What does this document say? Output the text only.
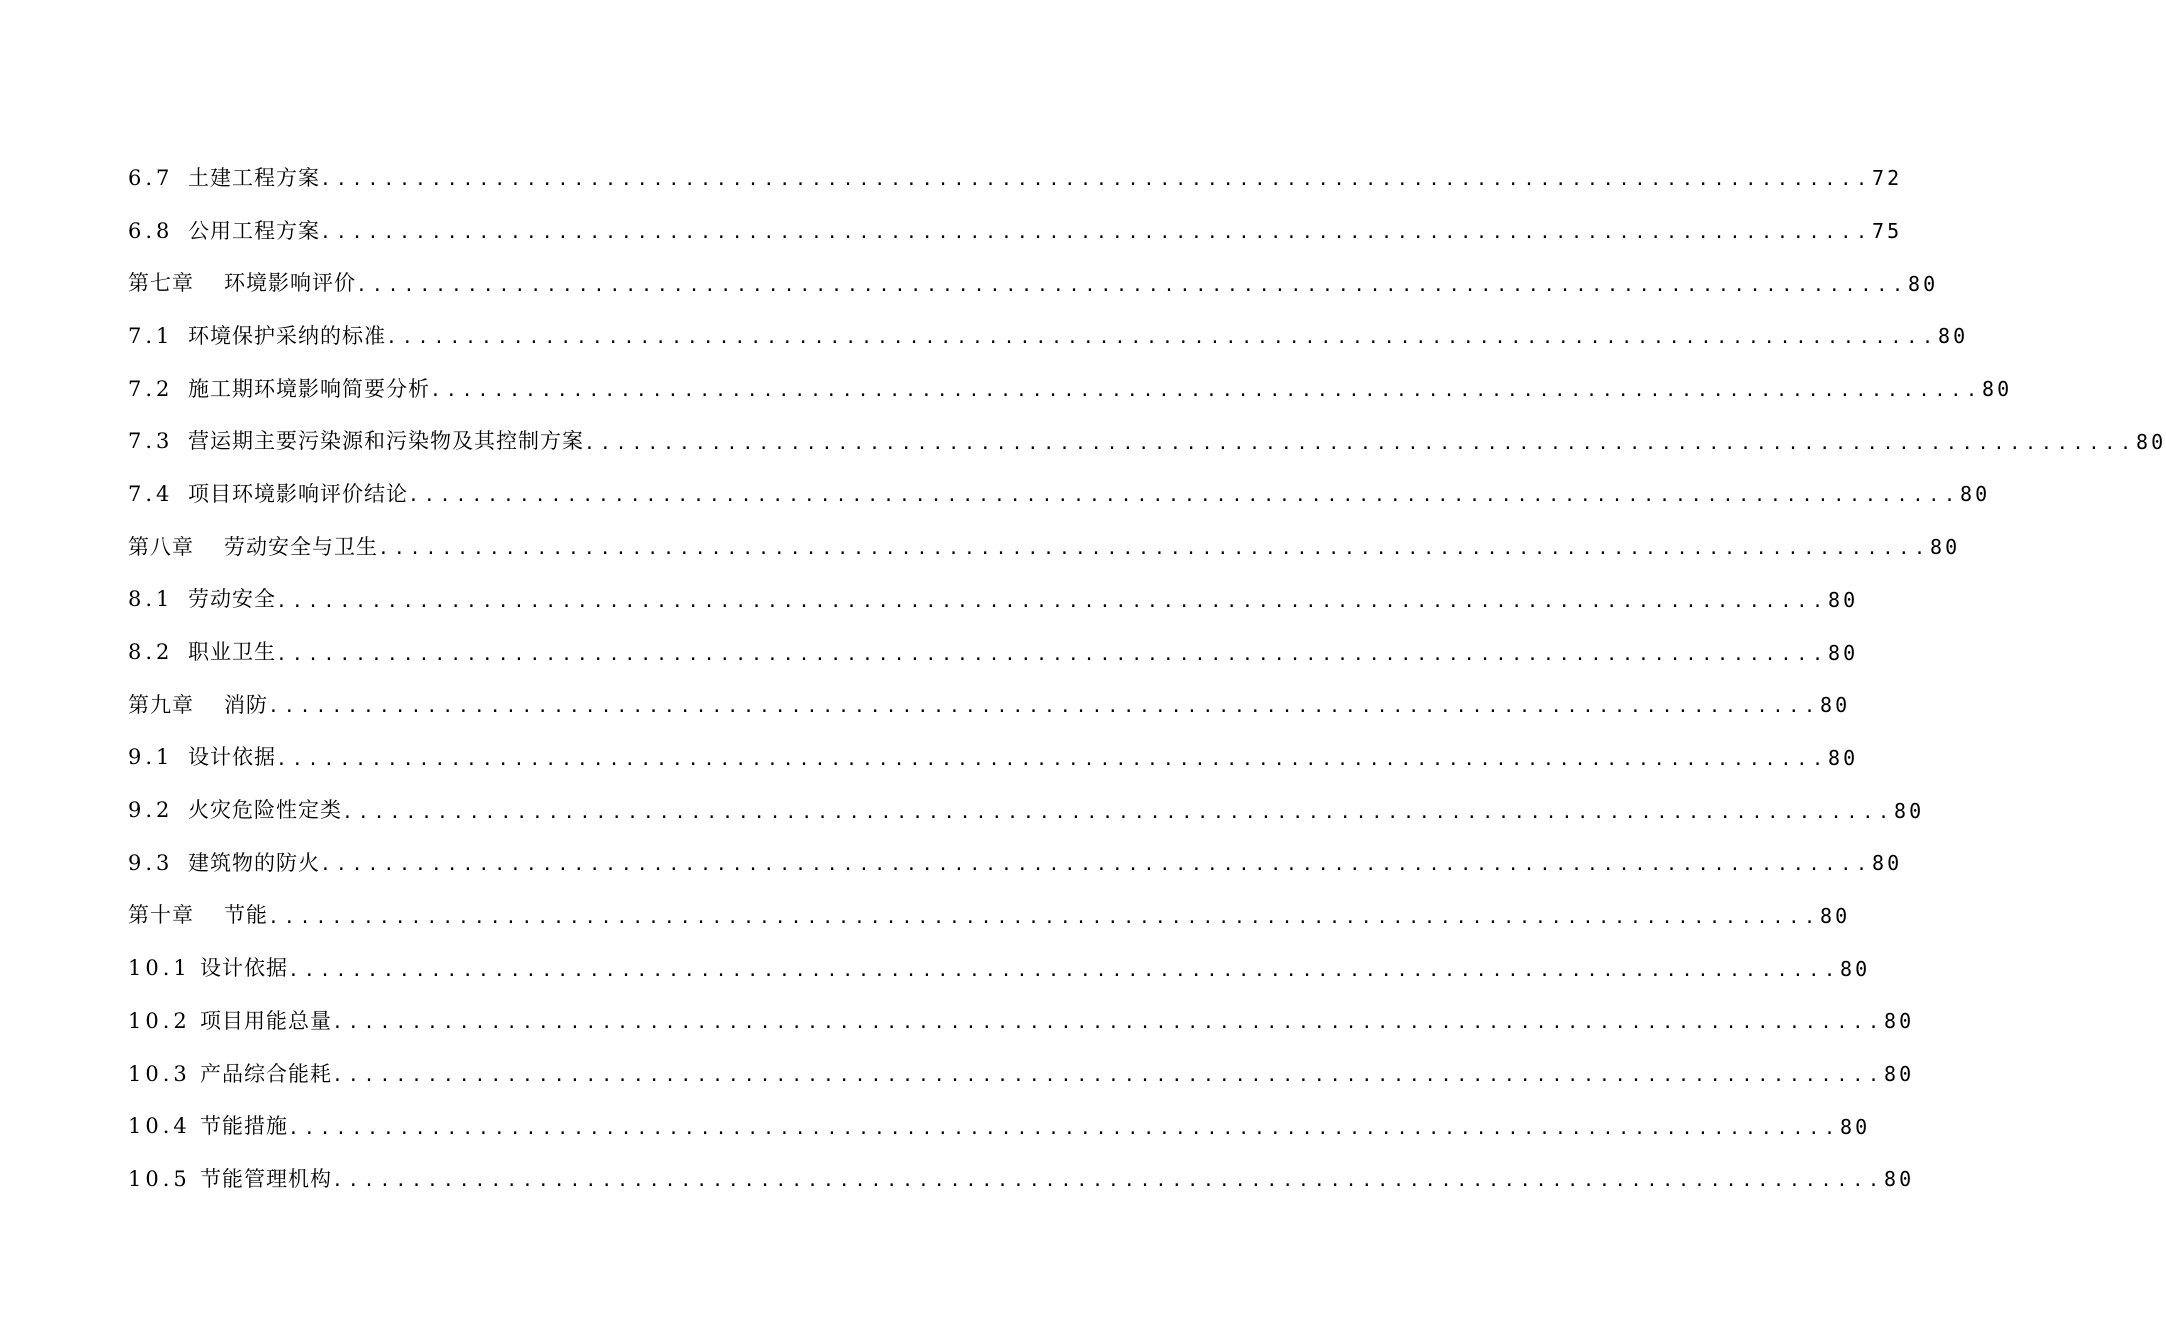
6.7 土建工程方案 .................................................................................................. 72
6.8 公用工程方案 .................................................................................................. 75
第七章	环境影响评价 .................................................................................................. 80
7.1 环境保护采纳的标准 .................................................................................................. 80
7.2 施工期环境影响简要分析 .................................................................................................. 80
7.3 营运期主要污染源和污染物及其控制方案 .................................................................................................. 80
7.4 项目环境影响评价结论 .................................................................................................. 80
第八章	劳动安全与卫生 .................................................................................................. 80
8.1 劳动安全 .................................................................................................. 80
8.2 职业卫生 .................................................................................................. 80
第九章	消防 .................................................................................................. 80
9.1 设计依据 .................................................................................................. 80
9.2 火灾危险性定类 .................................................................................................. 80
9.3 建筑物的防火 .................................................................................................. 80
第十章	节能 .................................................................................................. 80
10.1 设计依据 .................................................................................................. 80
10.2 项目用能总量 .................................................................................................. 80
10.3 产品综合能耗 .................................................................................................. 80
10.4 节能措施 .................................................................................................. 80
10.5 节能管理机构 .................................................................................................. 80
